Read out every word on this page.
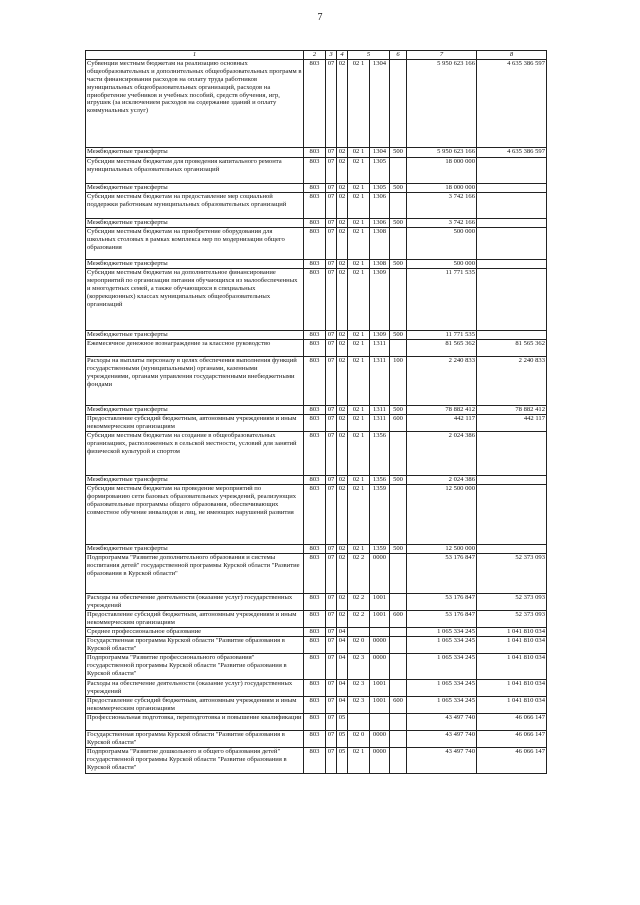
7
1	2	3	4	5		6	7	8
Субвенции местным бюджетам на реализацию основных общеобразовательных и дополнительных общеобразовательных программ в части финансирования расходов на оплату труда работников муниципальных общеобразовательных организаций, расходов на приобретение учебников и учебных пособий, средств обучения, игр, игрушек (за исключением расходов на содержание зданий и оплату коммунальных услуг)	803	07	02	02 1	1304		5 950 623 166	4 635 386 597
Межбюджетные трансферты	803	07	02	02 1	1304	500	5 950 623 166	4 635 386 597
Субсидии местным бюджетам для проведения капитального ремонта муниципальных образовательных организаций	803	07	02	02 1	1305		18 000 000	
Межбюджетные трансферты	803	07	02	02 1	1305	500	18 000 000	
Субсидии местным бюджетам на предоставление мер социальной поддержки работникам муниципальных образовательных организаций	803	07	02	02 1	1306		3 742 166	
Межбюджетные трансферты	803	07	02	02 1	1306	500	3 742 166	
Субсидии местным бюджетам на приобретение оборудования для школьных столовых в рамках комплекса мер по модернизации общего образования	803	07	02	02 1	1308		500 000	
Межбюджетные трансферты	803	07	02	02 1	1308	500	500 000	
Субсидии местным бюджетам на дополнительное финансирование мероприятий по организации питания обучающихся из малообеспеченных и многодетных семей, а также обучающихся в специальных (коррекционных) классах муниципальных общеобразовательных организаций	803	07	02	02 1	1309		11 771 535	
Межбюджетные трансферты	803	07	02	02 1	1309	500	11 771 535	
Ежемесячное денежное вознаграждение за классное руководство	803	07	02	02 1	1311		81 565 362	81 565 362
Расходы на выплаты персоналу в целях обеспечения выполнения функций государственными (муниципальными) органами, казенными учреждениями, органами управления государственными внебюджетными фондами	803	07	02	02 1	1311	100	2 240 833	2 240 833
Межбюджетные трансферты	803	07	02	02 1	1311	500	78 882 412	78 882 412
Предоставление субсидий бюджетным, автономным учреждениям и иным некоммерческим организациям	803	07	02	02 1	1311	600	442 117	442 117
Субсидии местным бюджетам на создание в общеобразовательных организациях, расположенных в сельской местности, условий для занятий физической культурой и спортом	803	07	02	02 1	1356		2 024 386	
Межбюджетные трансферты	803	07	02	02 1	1356	500	2 024 386	
Субсидии местным бюджетам на проведение мероприятий по формированию сети базовых образовательных учреждений, реализующих образовательные программы общего образования, обеспечивающих совместное обучение инвалидов и лиц, не имеющих нарушений развития	803	07	02	02 1	1359		12 500 000	
Межбюджетные трансферты	803	07	02	02 1	1359	500	12 500 000	
Подпрограмма "Развитие дополнительного образования и системы воспитания детей" государственной программы Курской области "Развитие образования в Курской области"	803	07	02	02 2	0000		53 176 847	52 373 093
Расходы на обеспечение деятельности (оказание услуг) государственных учреждений	803	07	02	02 2	1001		53 176 847	52 373 093
Предоставление субсидий бюджетным, автономным учреждениям и иным некоммерческим организациям	803	07	02	02 2	1001	600	53 176 847	52 373 093
Среднее профессиональное образование	803	07	04				1 065 334 245	1 041 810 034
Государственная программа Курской области "Развитие образования в Курской области"	803	07	04	02 0	0000		1 065 334 245	1 041 810 034
Подпрограмма "Развитие профессионального образования" государственной программы Курской области "Развитие образования в Курской области"	803	07	04	02 3	0000		1 065 334 245	1 041 810 034
Расходы на обеспечение деятельности (оказание услуг) государственных учреждений	803	07	04	02 3	1001		1 065 334 245	1 041 810 034
Предоставление субсидий бюджетным, автономным учреждениям и иным некоммерческим организациям	803	07	04	02 3	1001	600	1 065 334 245	1 041 810 034
Профессиональная подготовка, переподготовка и повышение квалификации	803	07	05				43 497 740	46 066 147
Государственная программа Курской области "Развитие образования в Курской области"	803	07	05	02 0	0000		43 497 740	46 066 147
Подпрограмма "Развитие дошкольного и общего образования детей" государственной программы Курской области "Развитие образования в Курской области"	803	07	05	02 1	0000		43 497 740	46 066 147
